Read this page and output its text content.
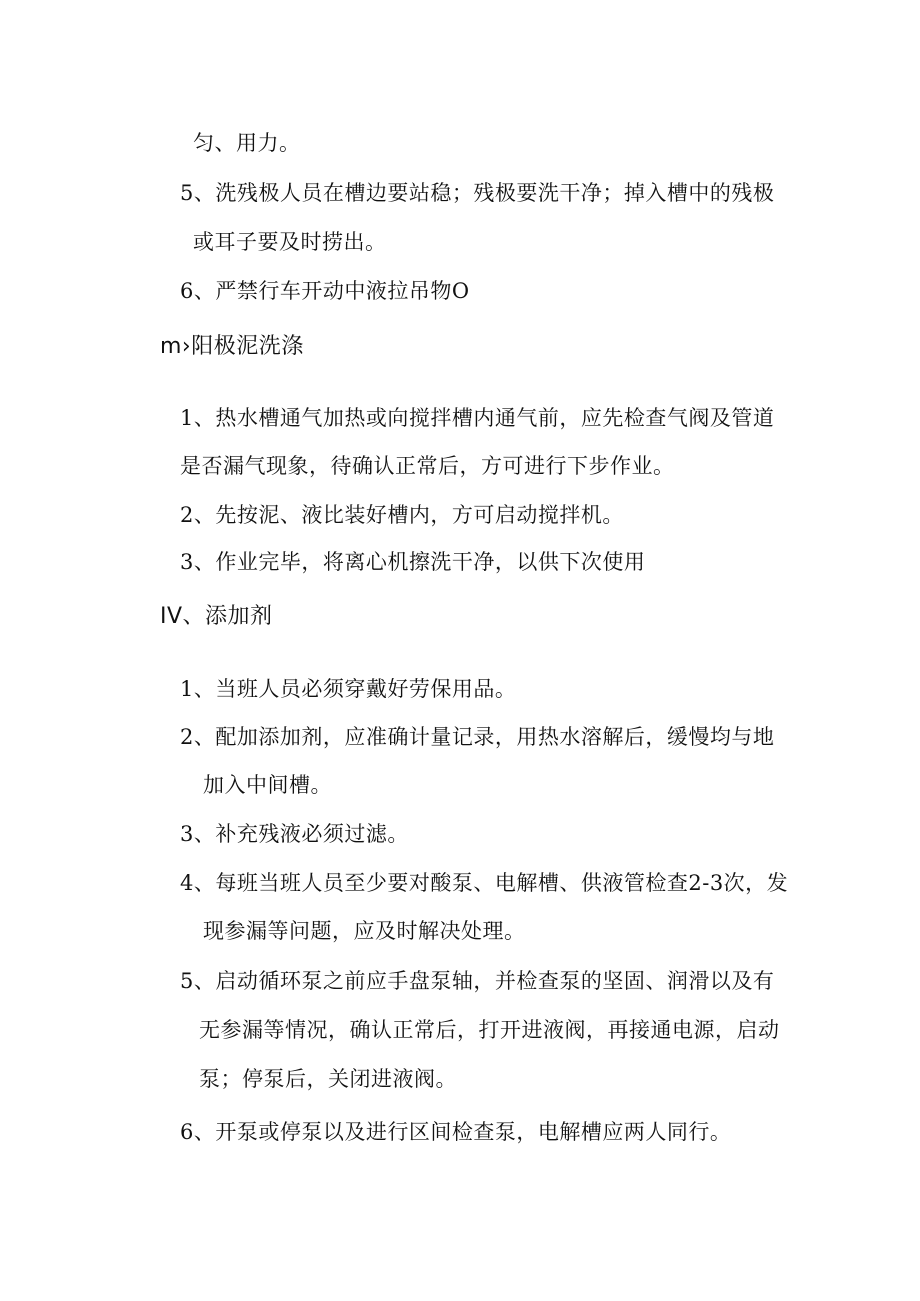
匀、用力。
5、洗残极人员在槽边要站稳；残极要洗干净；掉入槽中的残极
或耳子要及时捞出。
6、严禁行车开动中液拉吊物O
m›阳极泥洗涤
1、热水槽通气加热或向搅拌槽内通气前，应先检查气阀及管道
是否漏气现象，待确认正常后，方可进行下步作业。
2、先按泥、液比装好槽内，方可启动搅拌机。
3、作业完毕，将离心机擦洗干净，以供下次使用
IV、添加剂
1、当班人员必须穿戴好劳保用品。
2、配加添加剂，应准确计量记录，用热水溶解后，缓慢均与地
加入中间槽。
3、补充残液必须过滤。
4、每班当班人员至少要对酸泵、电解槽、供液管检查2-3次，发
现参漏等问题，应及时解决处理。
5、启动循环泵之前应手盘泵轴，并检查泵的坚固、润滑以及有
无参漏等情况，确认正常后，打开进液阀，再接通电源，启动
泵；停泵后，关闭进液阀。
6、开泵或停泵以及进行区间检查泵，电解槽应两人同行。
